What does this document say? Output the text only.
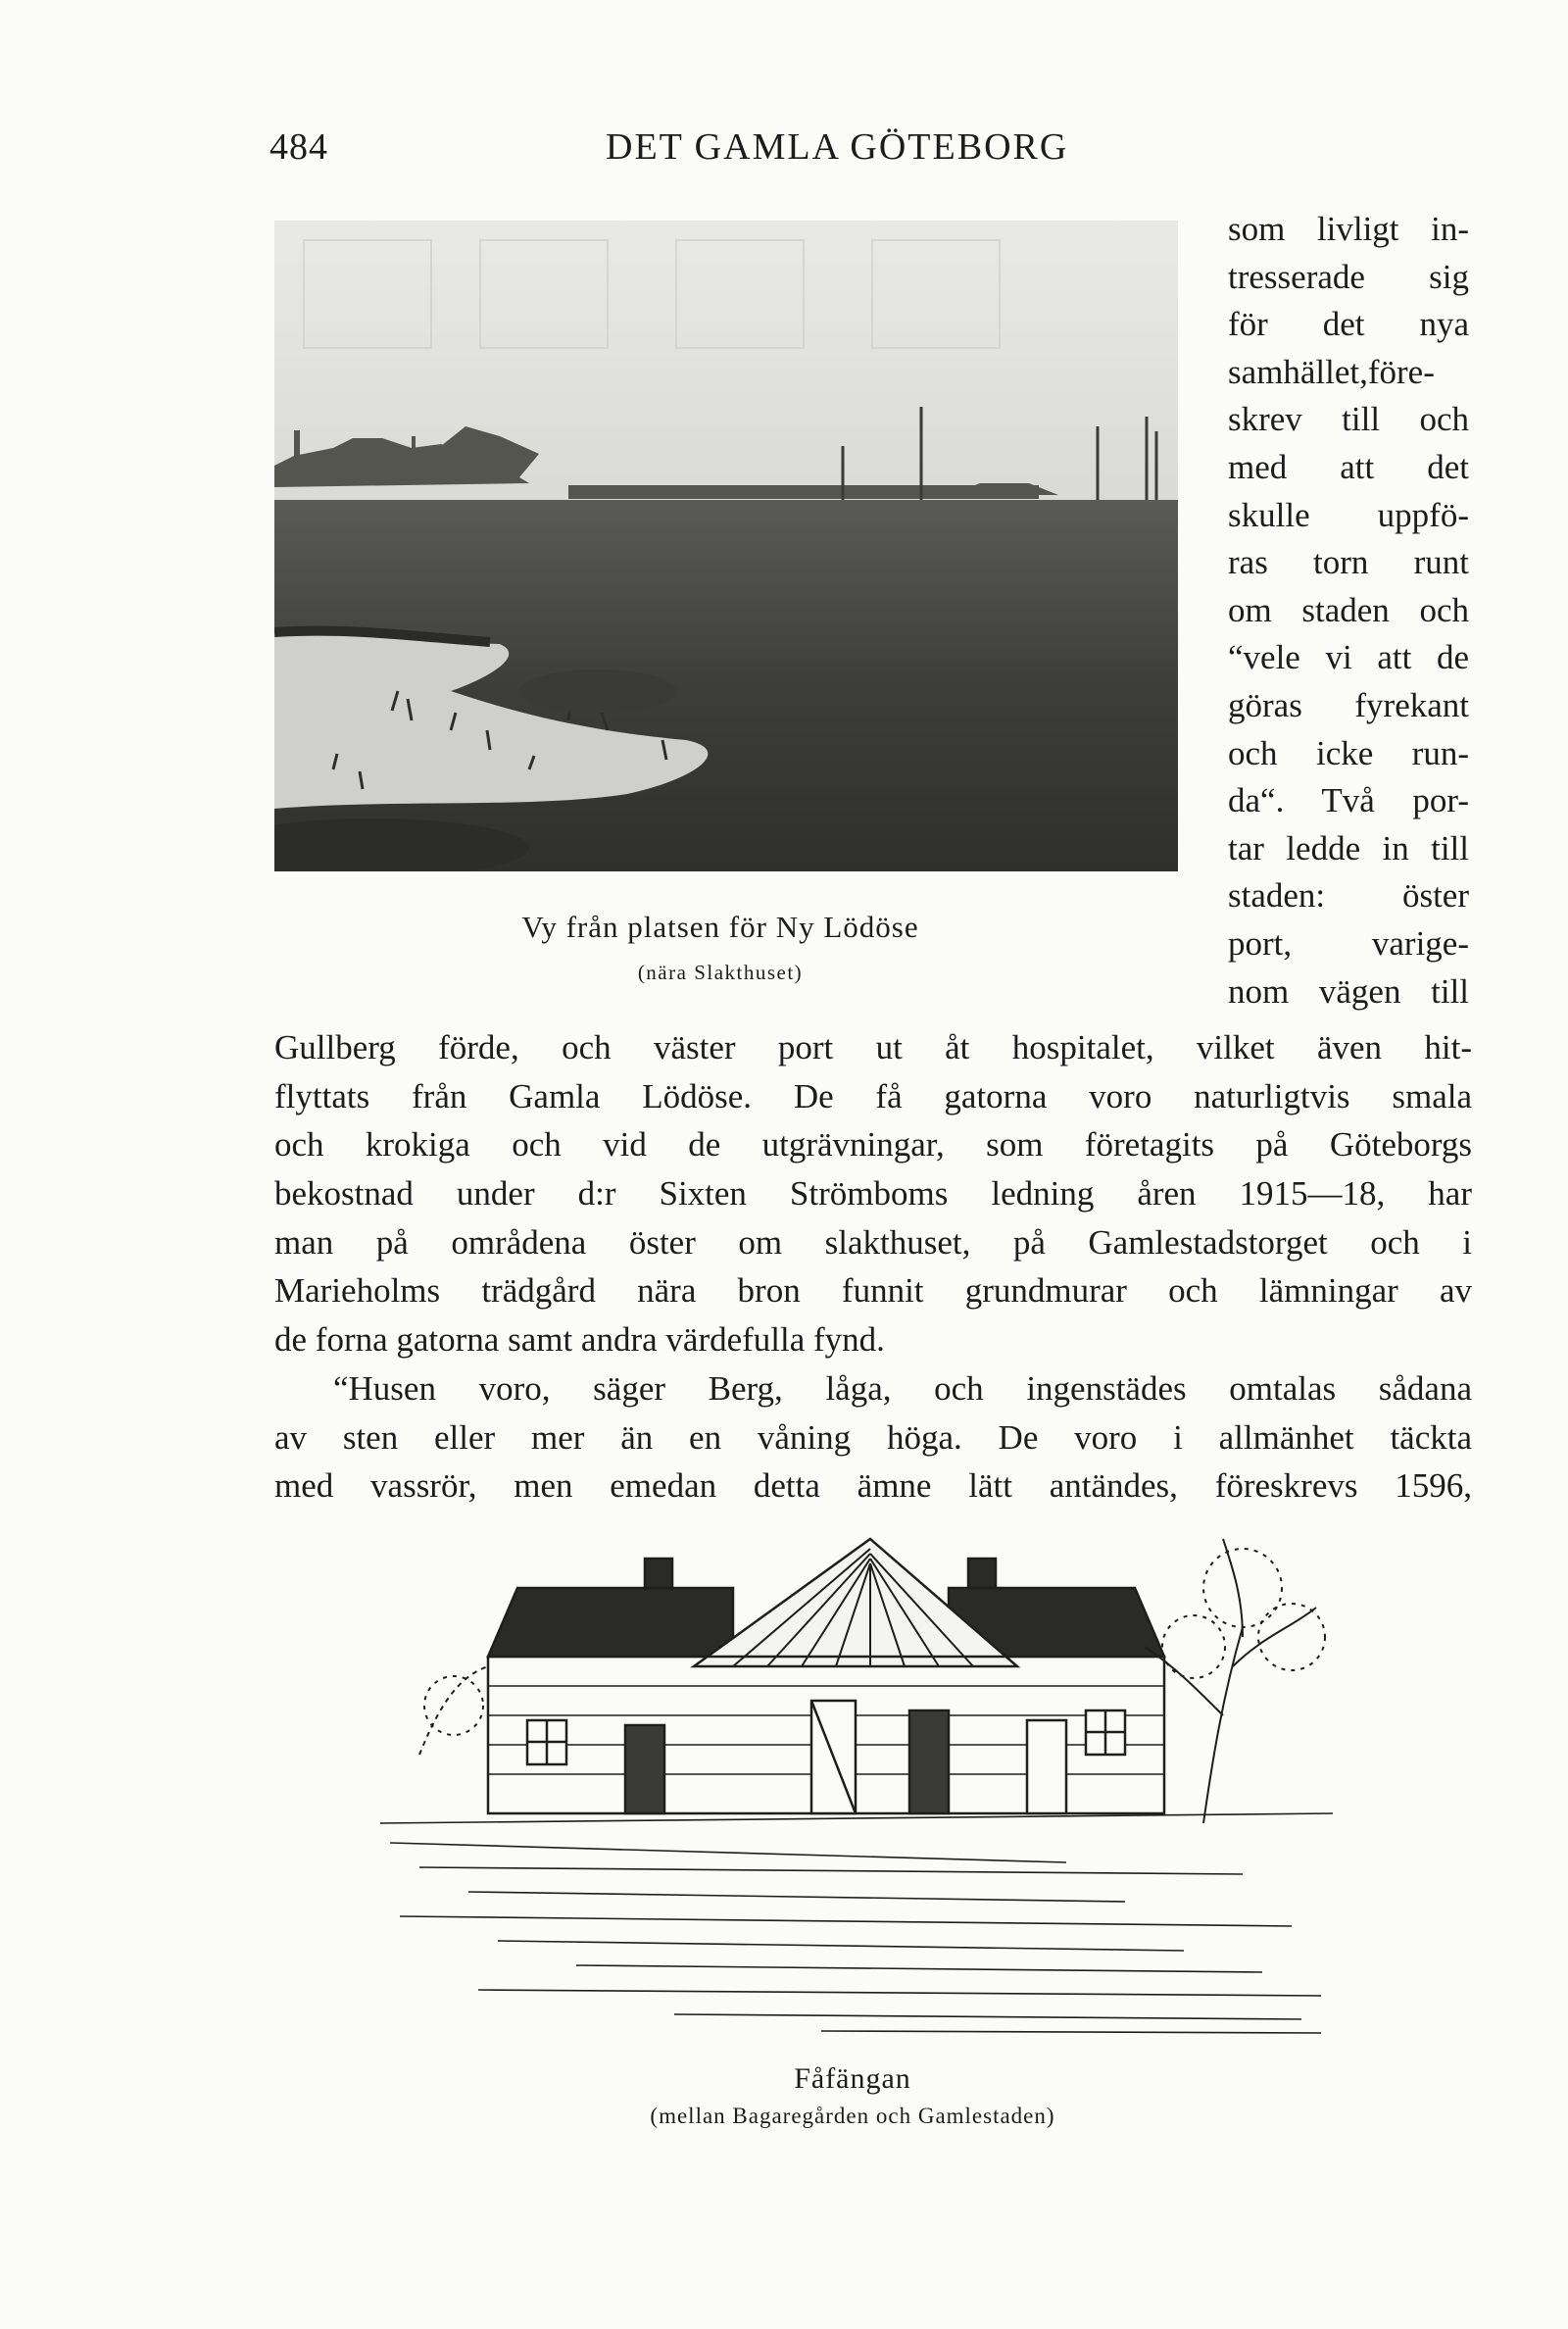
484	DET GAMLA GÖTEBORG
Vy från platsen för Ny Lödöse
(nära Slakthuset)
som livligt in-
tresserade sig
för det nya
samhället,före-
skrev till och
med att det
skulle uppfö-
ras torn runt
om staden och
“vele vi att de
göras fyrekant
och icke run-
da“. Två por-
tar ledde in till
staden: öster
port, varige-
nom vägen till
Gullberg förde, och väster port ut åt hospitalet, vilket även hit-
flyttats från Gamla Lödöse. De få gatorna voro naturligtvis smala
och krokiga och vid de utgrävningar, som företagits på Göteborgs
bekostnad under d:r Sixten Strömboms ledning åren 1915—18, har
man på områdena öster om slakthuset, på Gamlestadstorget och i
Marieholms trädgård nära bron funnit grundmurar och lämningar av
de forna gatorna samt andra värdefulla fynd.
“Husen voro, säger Berg, låga, och ingenstädes omtalas sådana
av sten eller mer än en våning höga. De voro i allmänhet täckta
med vassrör, men emedan detta ämne lätt antändes, föreskrevs 1596,
Fåfängan
(mellan Bagaregården och Gamlestaden)
